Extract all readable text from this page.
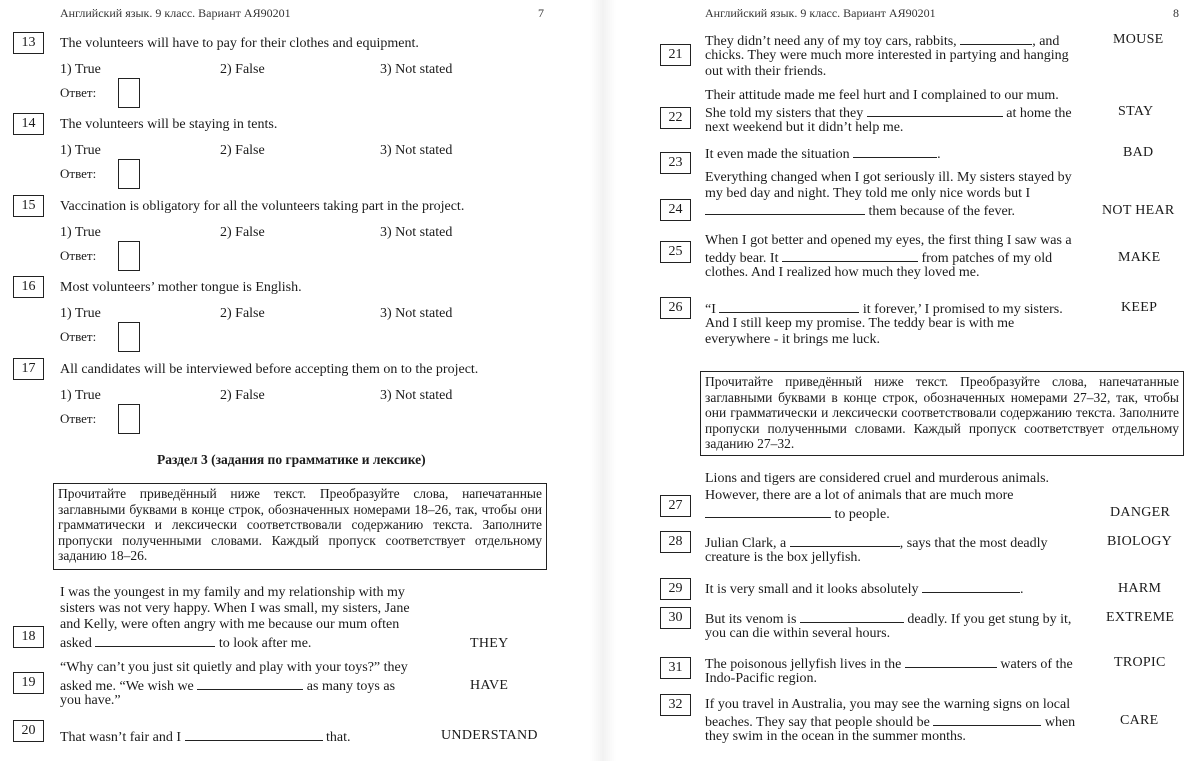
Английский язык. 9 класс. Вариант АЯ90201	7
13	The volunteers will have to pay for their clothes and equipment.
1) True	2) False	3) Not stated
Ответ:
14	The volunteers will be staying in tents.
1) True	2) False	3) Not stated
Ответ:
15	Vaccination is obligatory for all the volunteers taking part in the project.
1) True	2) False	3) Not stated
Ответ:
16	Most volunteers’ mother tongue is English.
1) True	2) False	3) Not stated
Ответ:
17	All candidates will be interviewed before accepting them on to the project.
1) True	2) False	3) Not stated
Ответ:
Раздел 3 (задания по грамматике и лексике)
Прочитайте приведённый ниже текст. Преобразуйте слова, напечатанные заглавными буквами в конце строк, обозначенных номерами 18–26, так, чтобы они грамматически и лексически соответствовали содержанию текста. Заполните пропуски полученными словами. Каждый пропуск соответствует отдельному заданию 18–26.
I was the youngest in my family and my relationship with my
sisters was not very happy. When I was small, my sisters, Jane
and Kelly, were often angry with me because our mum often
18	asked	to look after me.	THEY
“Why can’t you just sit quietly and play with your toys?” they
19	asked me. “We wish we	as many toys as	HAVE
you have.”
20	That wasn’t fair and I	that.	UNDERSTAND
Английский язык. 9 класс. Вариант АЯ90201	8
They didn’t need any of my toy cars, rabbits,	, and
21	chicks. They were much more interested in partying and hanging
out with their friends.
MOUSE
Their attitude made me feel hurt and I complained to our mum.
22	She told my sisters that they	at home the
next weekend but it didn’t help me.
STAY
23
It even made the situation	.	BAD
Everything changed when I got seriously ill. My sisters stayed by
my bed day and night. They told me only nice words but I
24	them because of the fever.	NOT HEAR
When I got better and opened my eyes, the first thing I saw was a
25	teddy bear. It	from patches of my old
clothes. And I realized how much they loved me.
MAKE
26	“I	it forever,’ I promised to my sisters.
And I still keep my promise. The teddy bear is with me
everywhere - it brings me luck.
KEEP
Прочитайте приведённый ниже текст. Преобразуйте слова, напечатанные заглавными буквами в конце строк, обозначенных номерами 27–32, так, чтобы они грамматически и лексически соответствовали содержанию текста. Заполните пропуски полученными словами. Каждый пропуск соответствует отдельному заданию 27–32.
Lions and tigers are considered cruel and murderous animals.
However, there are a lot of animals that are much more
27
to people.	DANGER
28	Julian Clark, a	, says that the most deadly
creature is the box jellyfish.
BIOLOGY
29	It is very small and it looks absolutely	.	HARM
30	But its venom is	deadly. If you get stung by it,
you can die within several hours.
EXTREME
31	The poisonous jellyfish lives in the	waters of the
Indo-Pacific region.
TROPIC
32	If you travel in Australia, you may see the warning signs on local
beaches. They say that people should be	when
they swim in the ocean in the summer months.
CARE
